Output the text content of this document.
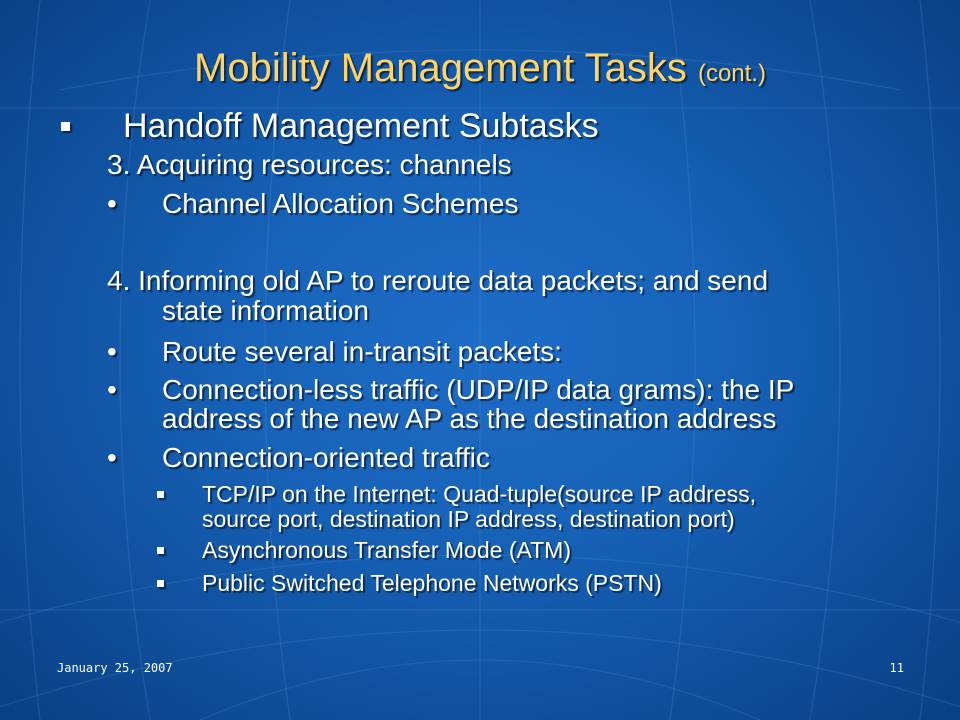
Mobility Management Tasks (cont.)
Handoff Management Subtasks
3. Acquiring resources: channels
• Channel Allocation Schemes
4. Informing old AP to reroute data packets; and send
state information
• Route several in-transit packets:
• Connection-less traffic (UDP/IP data grams): the IP
address of the new AP as the destination address
• Connection-oriented traffic
TCP/IP on the Internet: Quad-tuple(source IP address,
source port, destination IP address, destination port)
Asynchronous Transfer Mode (ATM)
Public Switched Telephone Networks (PSTN)
January 25, 2007	11
